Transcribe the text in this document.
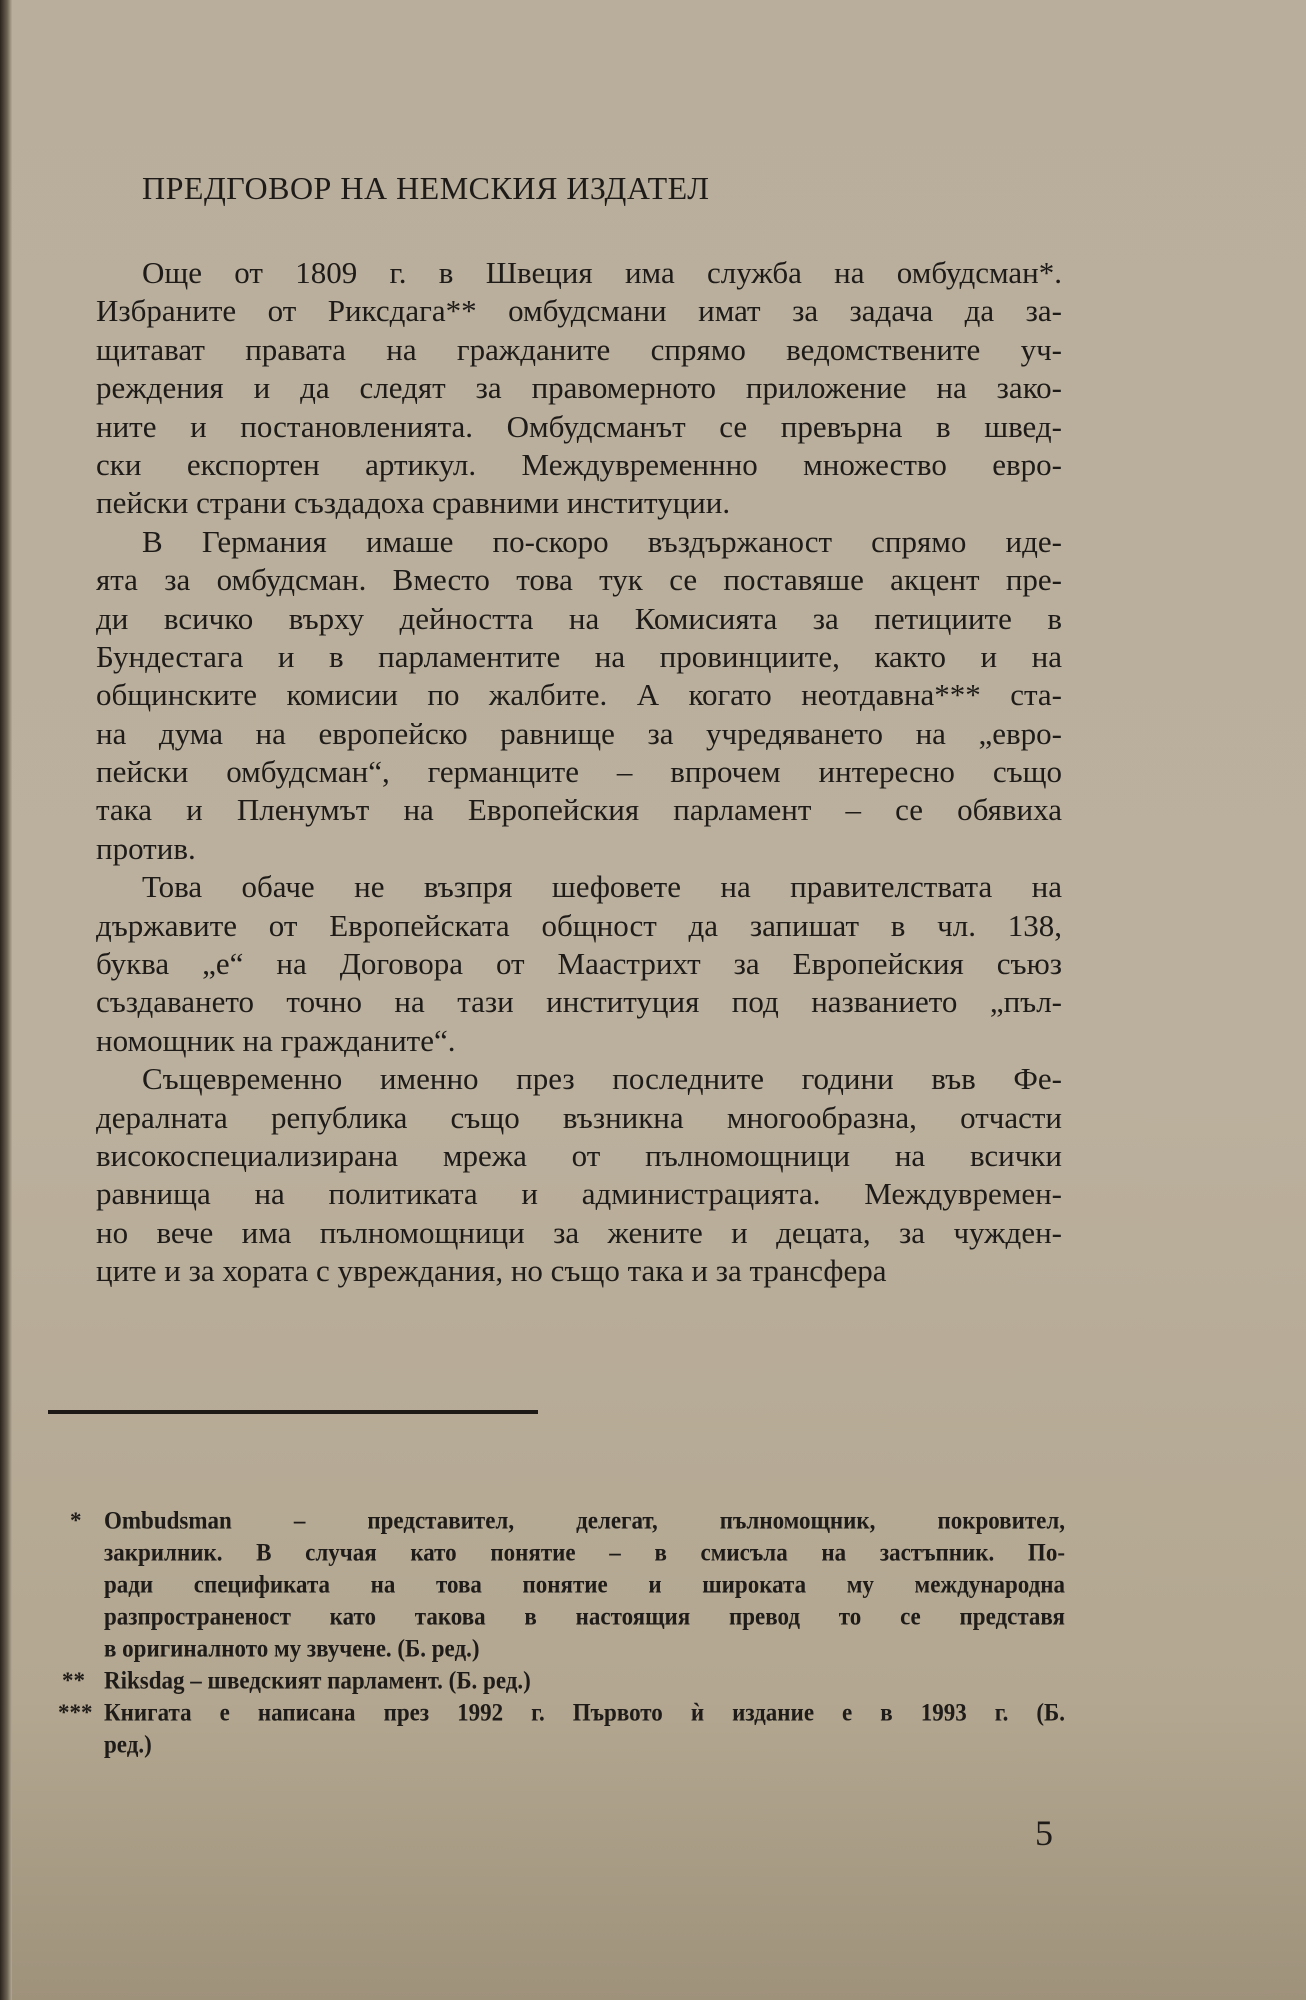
ПРЕДГОВОР НА НЕМСКИЯ ИЗДАТЕЛ
Още от 1809 г. в Швеция има служба на омбудсман*.
Избраните от Риксдага** омбудсмани имат за задача да за-
щитават правата на гражданите спрямо ведомствените уч-
реждения и да следят за правомерното приложение на зако-
ните и постановленията. Омбудсманът се превърна в швед-
ски експортен артикул. Междувременнно множество евро-
пейски страни създадоха сравними институции.
В Германия имаше по-скоро въздържаност спрямо иде-
ята за омбудсман. Вместо това тук се поставяше акцент пре-
ди всичко върху дейността на Комисията за петициите в
Бундестага и в парламентите на провинциите, както и на
общинските комисии по жалбите. А когато неотдавна*** ста-
на дума на европейско равнище за учредяването на „евро-
пейски омбудсман“, германците – впрочем интересно също
така и Пленумът на Европейския парламент – се обявиха
против.
Това обаче не възпря шефовете на правителствата на
държавите от Европейската общност да запишат в чл. 138,
буква „е“ на Договора от Маастрихт за Европейския съюз
създаването точно на тази институция под названието „пъл-
номощник на гражданите“.
Същевременно именно през последните години във Фе-
дералната република също възникна многообразна, отчасти
високоспециализирана мрежа от пълномощници на всички
равнища на политиката и администрацията. Междувремен-
но вече има пълномощници за жените и децата, за чужден-
ците и за хората с увреждания, но също така и за трансфера
* Ombudsman – представител, делегат, пълномощник, покровител,
закрилник. В случая като понятие – в смисъла на застъпник. По-
ради спецификата на това понятие и широката му международна
разпространеност като такова в настоящия превод то се представя
в оригиналното му звучене. (Б. ред.)
** Riksdag – шведският парламент. (Б. ред.)
*** Книгата е написана през 1992 г. Първото ѝ издание е в 1993 г. (Б.
ред.)
5
